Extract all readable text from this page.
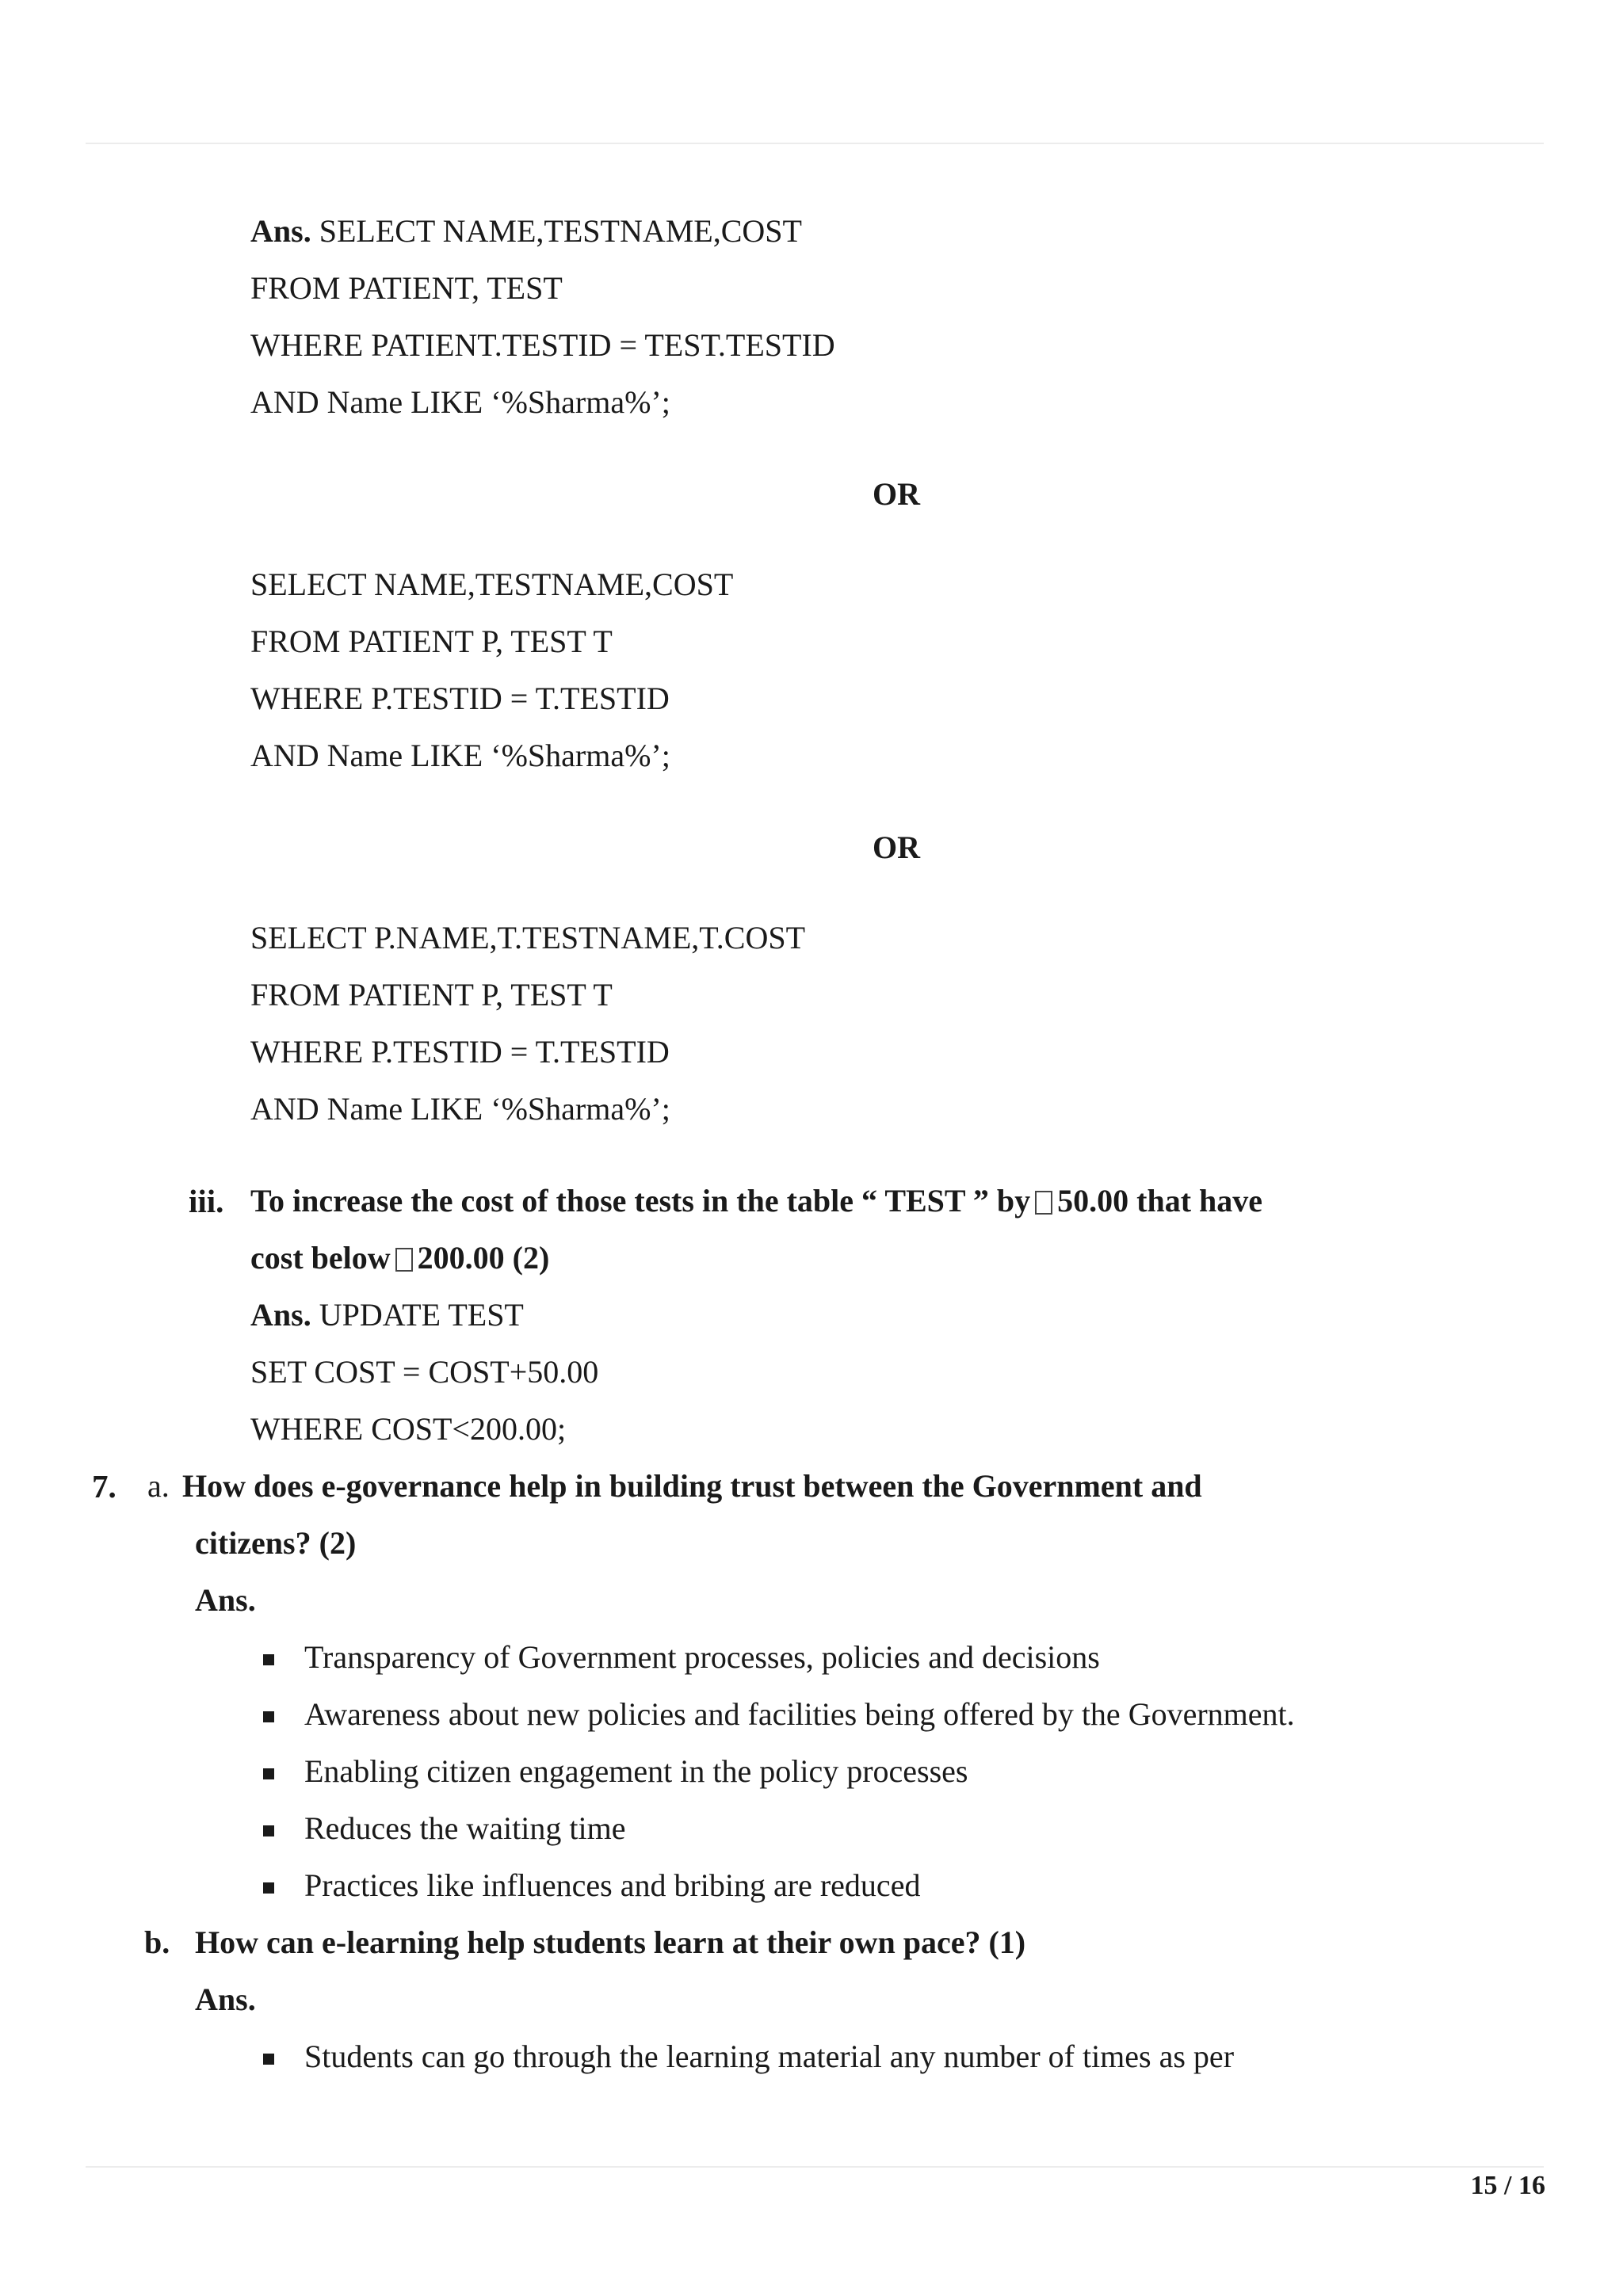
Ans. SELECT NAME,TESTNAME,COST
FROM PATIENT, TEST
WHERE PATIENT.TESTID = TEST.TESTID
AND Name LIKE ‘%Sharma%’;
OR
SELECT NAME,TESTNAME,COST
FROM PATIENT P, TEST T
WHERE P.TESTID = T.TESTID
AND Name LIKE ‘%Sharma%’;
OR
SELECT P.NAME,T.TESTNAME,T.COST
FROM PATIENT P, TEST T
WHERE P.TESTID = T.TESTID
AND Name LIKE ‘%Sharma%’;
iii. To increase the cost of those tests in the table “ TEST ” by 50.00 that have
cost below 200.00 (2)
Ans. UPDATE TEST
SET COST = COST+50.00
WHERE COST<200.00;
7. a. How does e-governance help in building trust between the Government and
citizens? (2)
Ans.
Transparency of Government processes, policies and decisions
Awareness about new policies and facilities being offered by the Government.
Enabling citizen engagement in the policy processes
Reduces the waiting time
Practices like influences and bribing are reduced
b. How can e-learning help students learn at their own pace? (1)
Ans.
Students can go through the learning material any number of times as per
15 / 16
